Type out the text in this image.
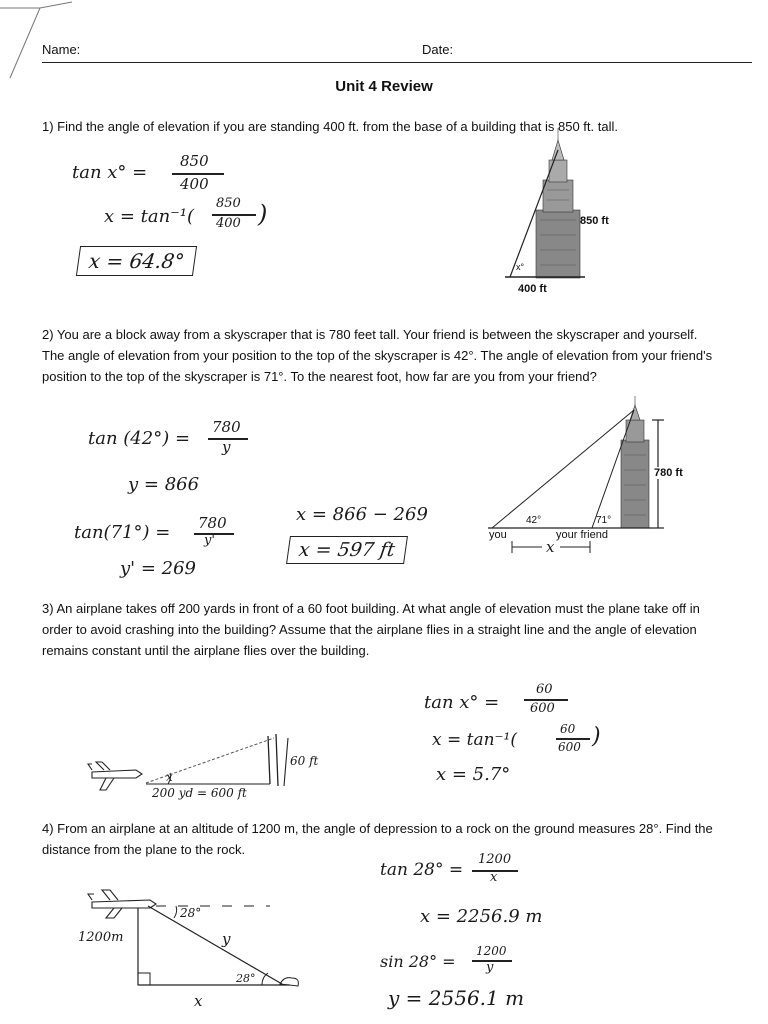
Name:	Date:
Unit 4 Review
1) Find the angle of elevation if you are standing 400 ft. from the base of a building that is 850 ft. tall.
tan x° =
850
400
x = tan⁻¹(
850
400 )
x = 64.8°
850 ft
400 ft
x°
2) You are a block away from a skyscraper that is 780 feet tall. Your friend is between the skyscraper and yourself. The angle of elevation from your position to the top of the skyscraper is 42°. The angle of elevation from your friend's position to the top of the skyscraper is 71°. To the nearest foot, how far are you from your friend?
tan (42°) =
780
y
y = 866
tan(71°) = 780
y'
y' = 269
x = 866 − 269
x = 597 ft
780 ft
42°	71°
you	your friend
x
3) An airplane takes off 200 yards in front of a 60 foot building. At what angle of elevation must the plane take off in order to avoid crashing into the building? Assume that the airplane flies in a straight line and the angle of elevation remains constant until the airplane flies over the building.
tan x° =
60
600
x = tan⁻¹(
60
600 )
x = 5.7°
60 ft
200 yd = 600 ft
x
4) From an airplane at an altitude of 1200 m, the angle of depression to a rock on the ground measures 28°. Find the distance from the plane to the rock.
tan 28° =
1200
x
x = 2256.9 m
sin 28° =
1200
y
y = 2556.1 m
1200m
28°
y
28°
x
